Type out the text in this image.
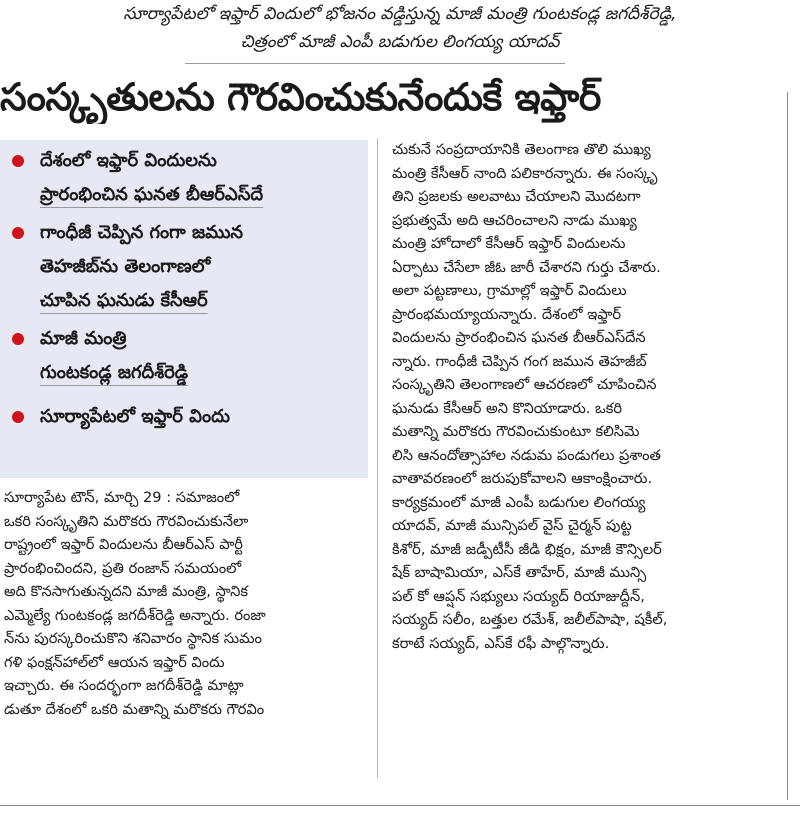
సూర్యాపేటలో ఇఫ్తార్ విందులో భోజనం వడ్డిస్తున్న మాజీ మంత్రి గుంటకండ్ల జగదీశ్‌రెడ్డి,
చిత్రంలో మాజీ ఎంపీ బడుగుల లింగయ్య యాదవ్
సంస్కృతులను గౌరవించుకునేందుకే ఇఫ్తార్
దేశంలో ఇఫ్తార్ విందులను
ప్రారంభించిన ఘనత బీఆర్‌ఎస్‌దే
గాంధీజీ చెప్పిన గంగా జమున
తెహజీబ్‌ను తెలంగాణలో
చూపిన ఘనుడు కేసీఆర్
మాజీ మంత్రి
గుంటకండ్ల జగదీశ్‌రెడ్డి
సూర్యాపేటలో ఇఫ్తార్ విందు
సూర్యాపేట టౌన్, మార్చి 29 : సమాజంలో
ఒకరి సంస్కృతిని మరొకరు గౌరవించుకునేలా
రాష్ట్రంలో ఇఫ్తార్ విందులను బీఆర్‌ఎస్ పార్టీ
ప్రారంభించిందని, ప్రతి రంజాన్ సమయంలో
అది కొనసాగుతున్నదని మాజీ మంత్రి, స్థానిక
ఎమ్మెల్యే గుంటకండ్ల జగదీశ్‌రెడ్డి అన్నారు. రంజా
న్‌ను పురస్కరించుకొని శనివారం స్థానిక సుమం
గళి ఫంక్షన్‌హాల్‌లో ఆయన ఇఫ్తార్ విందు
ఇచ్చారు. ఈ సందర్భంగా జగదీశ్‌రెడ్డి మాట్లా
డుతూ దేశంలో ఒకరి మతాన్ని మరొకరు గౌరవిం
చుకునే సంప్రదాయానికి తెలంగాణ తొలి ముఖ్య
మంత్రి కేసీఆర్ నాంది పలికారన్నారు. ఈ సంస్కృ
తిని ప్రజలకు అలవాటు చేయాలని మొదటగా
ప్రభుత్వమే అది ఆచరించాలని నాడు ముఖ్య
మంత్రి హోదాలో కేసీఆర్ ఇఫ్తార్ విందులను
ఏర్పాటు చేసేలా జీఓ జారీ చేశారని గుర్తు చేశారు.
అలా పట్టణాలు, గ్రామాల్లో ఇఫ్తార్ విందులు
ప్రారంభమయ్యాయన్నారు. దేశంలో ఇఫ్తార్
విందులను ప్రారంభించిన ఘనత బీఆర్‌ఎస్‌దేన
న్నారు. గాంధీజీ చెప్పిన గంగ జమున తెహజీబ్
సంస్కృతిని తెలంగాణలో ఆచరణలో చూపించిన
ఘనుడు కేసీఆర్ అని కొనియాడారు. ఒకరి
మతాన్ని మరొకరు గౌరవించుకుంటూ కలిసిమె
లిసి ఆనందోత్సాహాల నడుమ పండుగలు ప్రశాంత
వాతావరణంలో జరుపుకోవాలని ఆకాంక్షించారు.
కార్యక్రమంలో మాజీ ఎంపీ బడుగుల లింగయ్య
యాదవ్, మాజీ మున్సిపల్ వైస్ చైర్మన్ పుట్ట
కిశోర్, మాజీ జడ్పీటీసీ జీడి భిక్షం, మాజీ కౌన్సిలర్
షేక్ బాషామియా, ఎస్‌కే తాహేర్, మాజీ మున్సి
పల్ కో ఆప్షన్ సభ్యులు సయ్యద్ రియాజుద్దీన్,
సయ్యద్ సలీం, బత్తుల రమేశ్, జలీల్‌పాషా, షకీల్,
కరాటే సయ్యద్, ఎస్‌కే రఫీ పాల్గొన్నారు.
